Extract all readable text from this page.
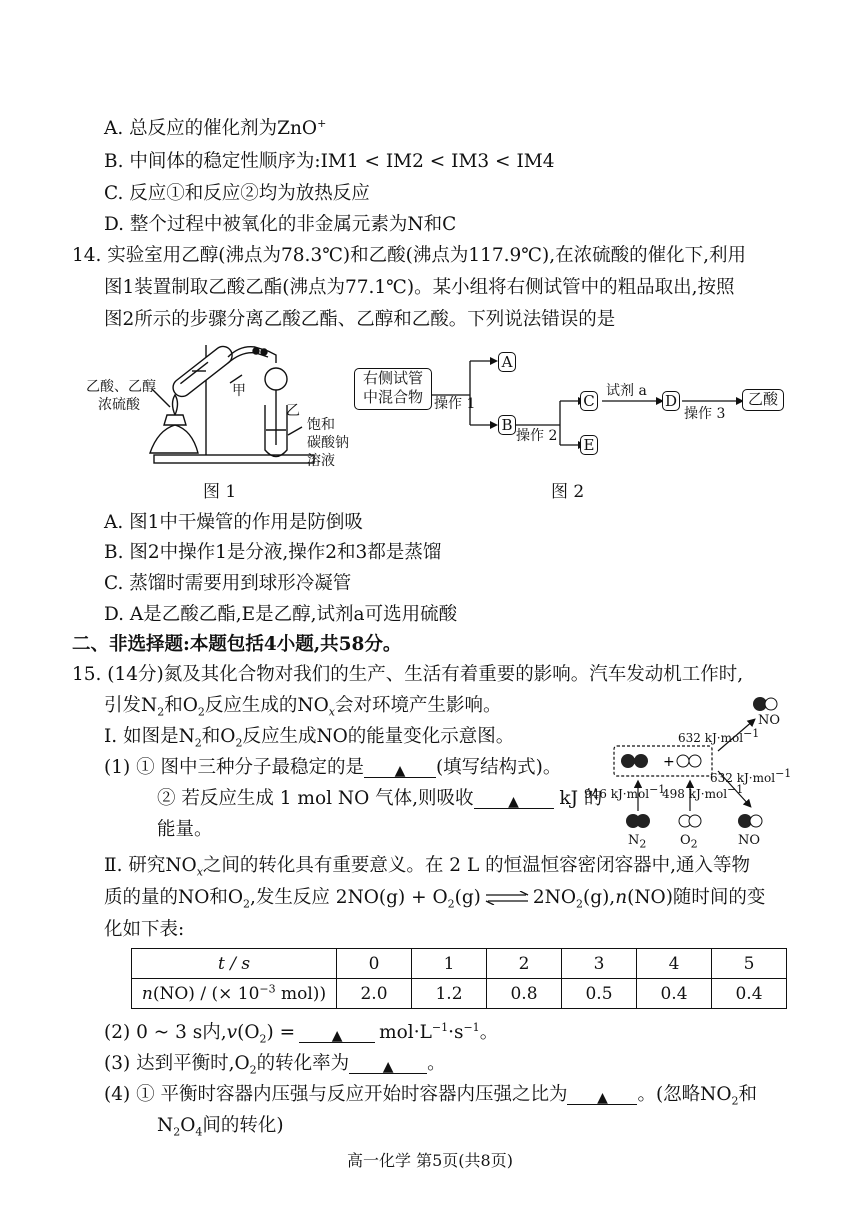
A. 总反应的催化剂为ZnO+
B. 中间体的稳定性顺序为:IM1 < IM2 < IM3 < IM4
C. 反应①和反应②均为放热反应
D. 整个过程中被氧化的非金属元素为N和C
14. 实验室用乙醇(沸点为78.3℃)和乙酸(沸点为117.9℃),在浓硫酸的催化下,利用
图1装置制取乙酸乙酯(沸点为77.1℃)。某小组将右侧试管中的粗品取出,按照
图2所示的步骤分离乙酸乙酯、乙醇和乙酸。下列说法错误的是
乙酸、乙醇
浓硫酸
甲
乙
饱和
碳酸钠
溶液
图 1
右侧试管
中混合物 操作 1
A
B
操作 2
C
E
试剂 a
D
操作 3
乙酸
图 2
A. 图1中干燥管的作用是防倒吸
B. 图2中操作1是分液,操作2和3都是蒸馏
C. 蒸馏时需要用到球形冷凝管
D. A是乙酸乙酯,E是乙醇,试剂a可选用硫酸
二、非选择题:本题包括4小题,共58分。
15. (14分)氮及其化合物对我们的生产、生活有着重要的影响。汽车发动机工作时,
引发$N_2$和$O_2$反应生成的$NO_x$会对环境产生影响。
Ⅰ. 如图是$N_2$和$O_2$反应生成NO的能量变化示意图。
(1) ① 图中三种分子最稳定的是 ▲ (填写结构式)。
② 若反应生成 1 mol NO 气体,则吸收 ▲ kJ 的
能量。
+
NO
632 kJ·mol$^{-1}$
632 kJ·mol$^{-1}$
946 kJ·mol$^{-1}$
498 kJ·mol$^{-1}$
$N_2$	$O_2$	NO
Ⅱ. 研究$NO_x$之间的转化具有重要意义。在 2 L 的恒温恒容密闭容器中,通入等物
质的量的NO和$O_2$,发生反应 $2NO(g) + O_2(g)$ ⇌ $2NO_2(g),n(NO)$随时间的变
化如下表:
t / s	0	1	2	3	4	5
n(NO) / (× $10^{-3}$ mol))	2.0	1.2	0.8	0.5	0.4	0.4
(2) 0 ~ 3 s内$,v(O_2)$ =	▲ $mol\cdot L^{-1}\cdot s^{-1}$。
(3) 达到平衡时$,O_2$的转化率为 ▲ 。
(4) ① 平衡时容器内压强与反应开始时容器内压强之比为 ▲ 。(忽略$NO_2$和
$N_2O_4$间的转化)
高一化学 第5页(共8页)
